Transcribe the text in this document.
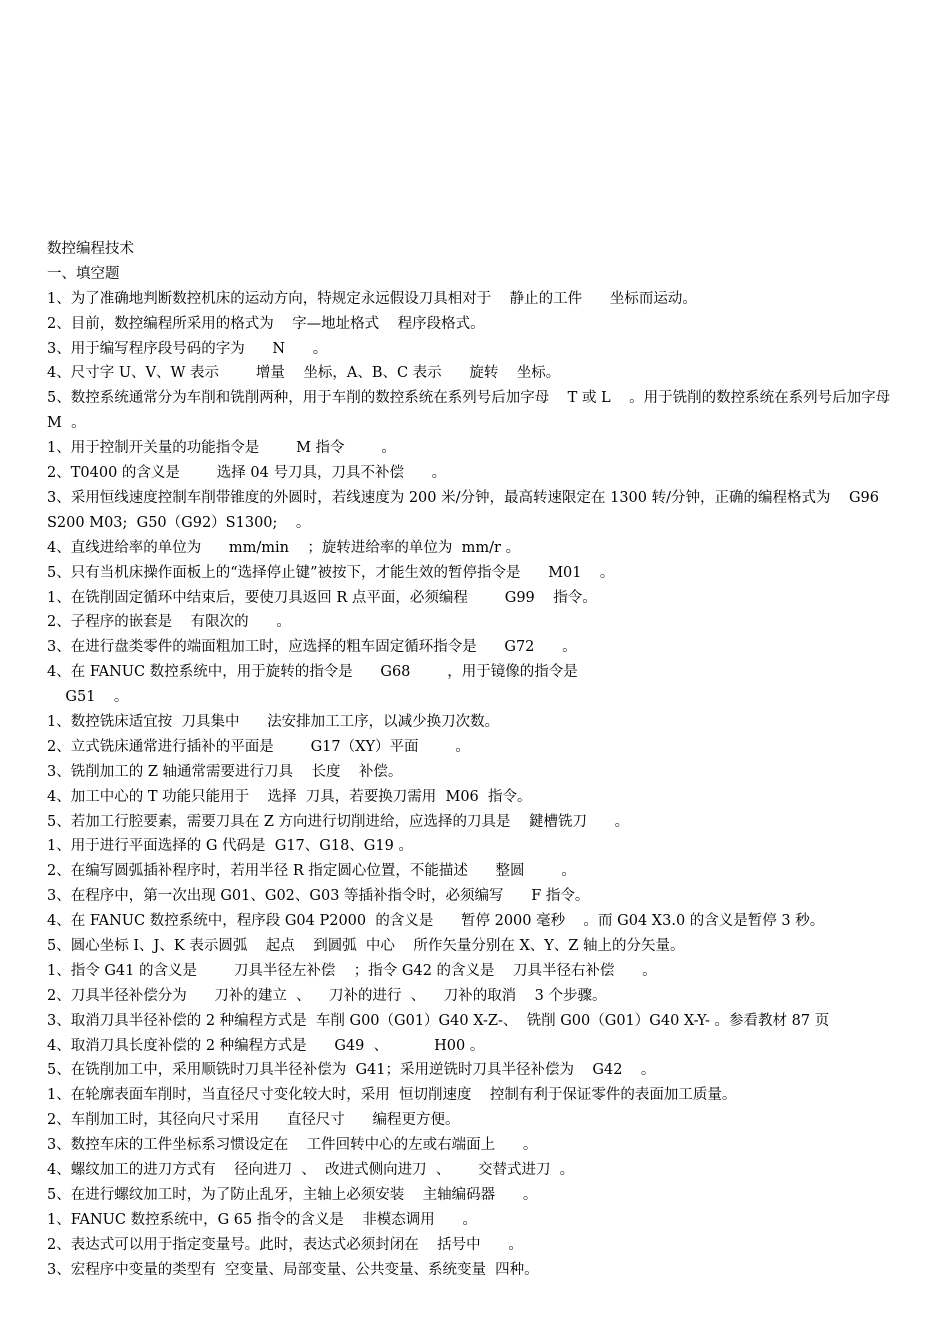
数控编程技术
一、填空题
1、为了准确地判断数控机床的运动方向，特规定永远假设刀具相对于    静止的工件      坐标而运动。
2、目前，数控编程所采用的格式为    字—地址格式    程序段格式。
3、用于编写程序段号码的字为      N      。
4、尺寸字 U、V、W 表示        增量    坐标，A、B、C 表示      旋转    坐标。
5、数控系统通常分为车削和铣削两种，用于车削的数控系统在系列号后加字母    T 或 L    。用于铣削的数控系统在系列号后加字母    M  。
1、用于控制开关量的功能指令是        M 指令        。
2、T0400 的含义是        选择 04 号刀具，刀具不补偿      。
3、采用恒线速度控制车削带锥度的外圆时，若线速度为 200 米/分钟，最高转速限定在 1300 转/分钟，正确的编程格式为    G96 S200 M03;  G50（G92）S1300;    。
4、直线进给率的单位为      mm/min    ；旋转进给率的单位为  mm/r 。
5、只有当机床操作面板上的“选择停止键”被按下，才能生效的暂停指令是      M01    。
1、在铣削固定循环中结束后，要使刀具返回 R 点平面，必须编程        G99    指令。
2、子程序的嵌套是    有限次的      。
3、在进行盘类零件的端面粗加工时，应选择的粗车固定循环指令是      G72      。
4、在 FANUC 数控系统中，用于旋转的指令是      G68        ，用于镜像的指令是
G51    。
1、数控铣床适宜按  刀具集中      法安排加工工序，以减少换刀次数。
2、立式铣床通常进行插补的平面是        G17（XY）平面        。
3、铣削加工的 Z 轴通常需要进行刀具    长度    补偿。
4、加工中心的 T 功能只能用于    选择  刀具，若要换刀需用  M06  指令。
5、若加工行腔要素，需要刀具在 Z 方向进行切削进给，应选择的刀具是    鍵槽铣刀      。
1、用于进行平面选择的 G 代码是  G17、G18、G19 。
2、在编写圆弧插补程序时，若用半径 R 指定圆心位置，不能描述      整圆        。
3、在程序中，第一次出现 G01、G02、G03 等插补指令时，必须编写      F 指令。
4、在 FANUC 数控系统中，程序段 G04 P2000  的含义是      暂停 2000 毫秒    。而 G04 X3.0 的含义是暂停 3 秒。
5、圆心坐标 I、J、K 表示圆弧    起点    到圆弧  中心    所作矢量分别在 X、Y、Z 轴上的分矢量。
1、指令 G41 的含义是        刀具半径左补偿    ；指令 G42 的含义是    刀具半径右补偿      。
2、刀具半径补偿分为      刀补的建立  、    刀补的进行  、    刀补的取消    3 个步骤。
3、取消刀具半径补偿的 2 种编程方式是  车削 G00（G01）G40 X-Z-、  铣削 G00（G01）G40 X-Y- 。参看教材 87 页
4、取消刀具长度补偿的 2 种编程方式是      G49  、          H00 。
5、在铣削加工中，采用顺铣时刀具半径补偿为  G41；采用逆铣时刀具半径补偿为    G42    。
1、在轮廓表面车削时，当直径尺寸变化较大时，采用  恒切削速度    控制有利于保证零件的表面加工质量。
2、车削加工时，其径向尺寸采用      直径尺寸      编程更方便。
3、数控车床的工件坐标系习惯设定在    工件回转中心的左或右端面上      。
4、螺纹加工的进刀方式有    径向进刀  、  改进式侧向进刀  、      交替式进刀  。
5、在进行螺纹加工时，为了防止乱牙，主轴上必须安装    主轴编码器      。
1、FANUC 数控系统中，G 65 指令的含义是    非模态调用      。
2、表达式可以用于指定变量号。此时，表达式必须封闭在    括号中      。
3、宏程序中变量的类型有  空变量、局部变量、公共变量、系统变量  四种。
